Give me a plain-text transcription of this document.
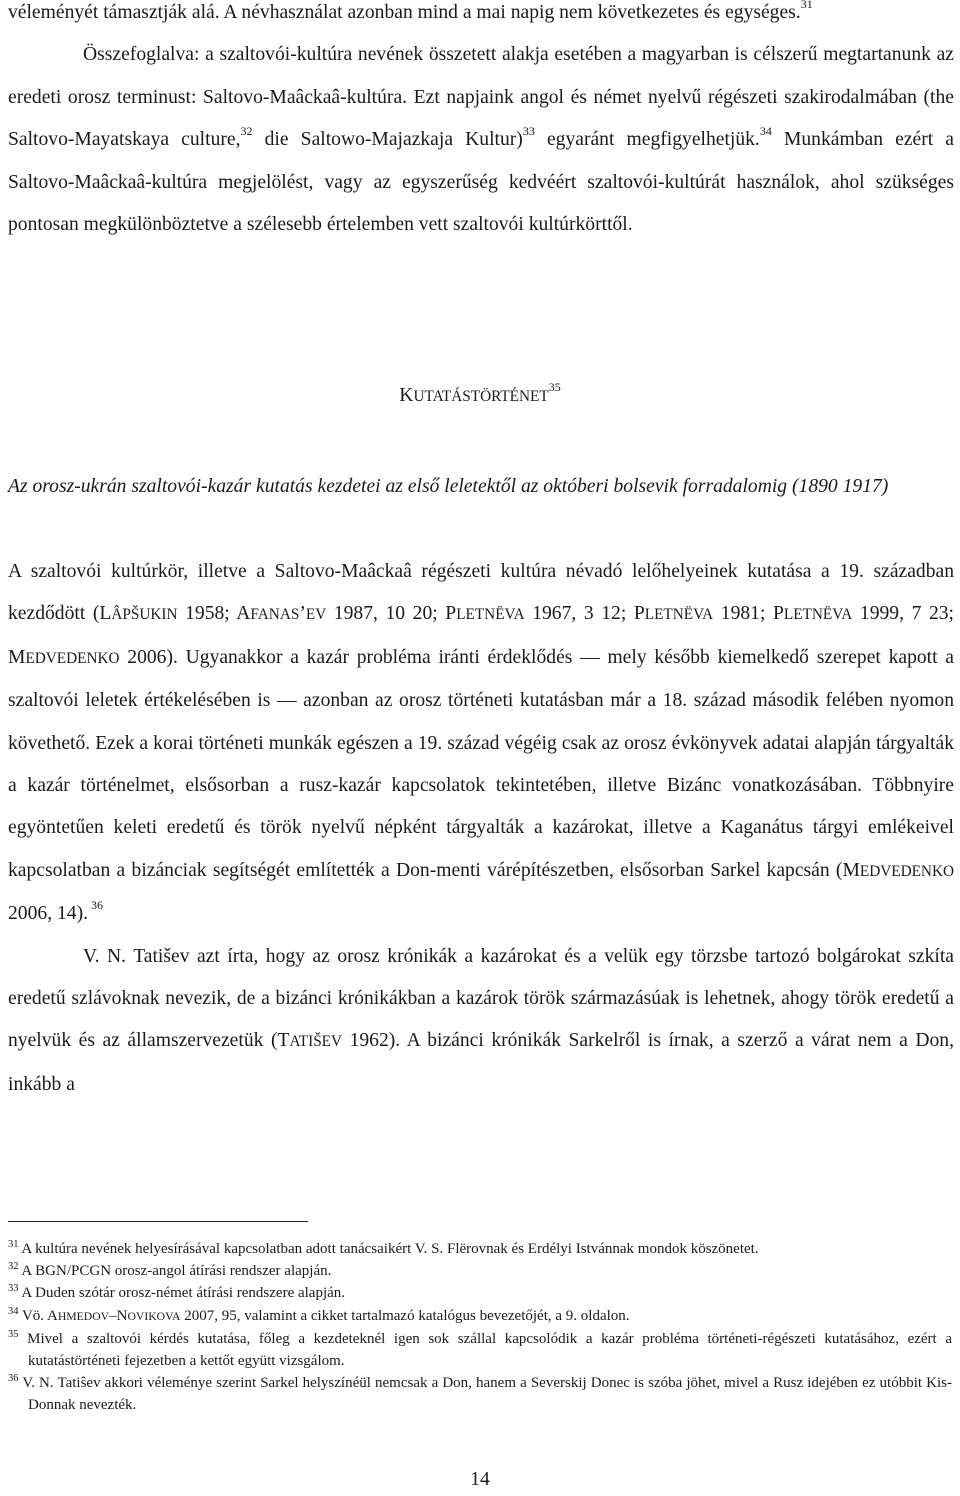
véleményét támasztják alá. A névhasználat azonban mind a mai napig nem következetes és egységes.$^{31}$

Összefoglalva: a szaltovói-kultúra nevének összetett alakja esetében a magyarban is célszerű megtartanunk az eredeti orosz terminust: Saltovo-Maâckaâ-kultúra. Ezt napjaink angol és német nyelvű régészeti szakirodalmában (the Saltovo-Mayatskaya culture,$^{32}$ die Saltowo-Majazkaja Kultur)$^{33}$ egyaránt megfigyelhetjük.$^{34}$ Munkámban ezért a Saltovo-Maâckaâ-kultúra megjelölést, vagy az egyszerűség kedvéért szaltovói-kultúrát használok, ahol szükséges pontosan megkülönböztetve a szélesebb értelemben vett szaltovói kultúrkörttől.

KUTATÁSTÖRTÉNET$^{35}$
Az orosz-ukrán szaltovói-kazár kutatás kezdetei az első leletektől az októberi bolsevik forradalomig (1890 1917)

A szaltovói kultúrkör, illetve a Saltovo-Maâckaâ régészeti kultúra névadó lelőhelyeinek kutatása a 19. században kezdődött (LÂPŠUKIN 1958; AFANAS’EV 1987, 10 20; PLETNËVA 1967, 3 12; PLETNËVA 1981; PLETNËVA 1999, 7 23; MEDVEDENKO 2006). Ugyanakkor a kazár probléma iránti érdeklődés ― mely később kiemelkedő szerepet kapott a szaltovói leletek értékelésében is ― azonban az orosz történeti kutatásban már a 18. század második felében nyomon követhető. Ezek a korai történeti munkák egészen a 19. század végéig csak az orosz évkönyvek adatai alapján tárgyalták a kazár történelmet, elsősorban a rusz-kazár kapcsolatok tekintetében, illetve Bizánc vonatkozásában. Többnyire egyöntetűen keleti eredetű és török nyelvű népként tárgyalták a kazárokat, illetve a Kaganátus tárgyi emlékeivel kapcsolatban a bizánciak segítségét említették a Don-menti várépítészetben, elsősorban Sarkel kapcsán (MEDVEDENKO 2006, 14). $^{36}$

V. N. Tatišev azt írta, hogy az orosz krónikák a kazárokat és a velük egy törzsbe tartozó bolgárokat szkíta eredetű szlávoknak nevezik, de a bizánci krónikákban a kazárok török származásúak is lehetnek, ahogy török eredetű a nyelvük és az államszervezetük (TATIŠEV 1962). A bizánci krónikák Sarkelről is írnak, a szerző a várat nem a Don, inkább a

$^{31}$ A kultúra nevének helyesírásával kapcsolatban adott tanácsaikért V. S. Flërovnak és Erdélyi Istvánnak mondok köszönetet.

$^{32}$ A BGN/PCGN orosz-angol átírási rendszer alapján.

$^{33}$ A Duden szótár orosz-német átírási rendszere alapján.

$^{34}$ Vö. AHMEDOV–NOVIKOVA 2007, 95, valamint a cikket tartalmazó katalógus bevezetőjét, a 9. oldalon.

$^{35}$ Mivel a szaltovói kérdés kutatása, főleg a kezdeteknél igen sok szállal kapcsolódik a kazár probléma történeti-régészeti kutatásához, ezért a kutatástörténeti fejezetben a kettőt együtt vizsgálom.

$^{36}$ V. N. Tatiŝev akkori véleménye szerint Sarkel helyszínéül nemcsak a Don, hanem a Severskij Donec is szóba jöhet, mivel a Rusz idejében ez utóbbit Kis-Donnak nevezték.

14
